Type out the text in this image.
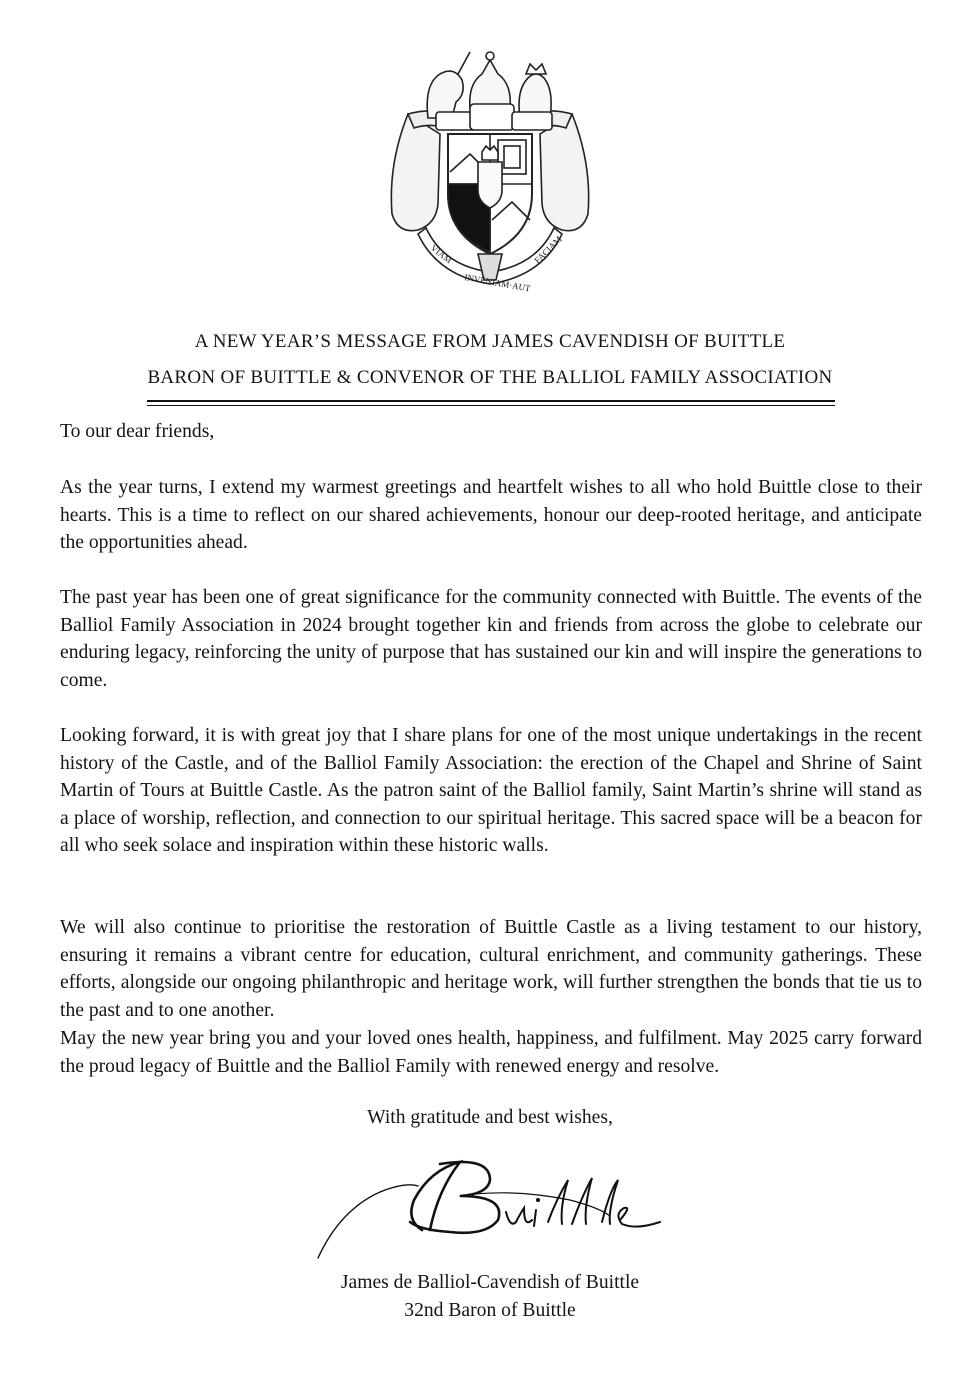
VIAM
INVENIAM·AUT
FACIAM
A NEW YEAR’S MESSAGE FROM JAMES CAVENDISH OF BUITTLE
BARON OF BUITTLE & CONVENOR OF THE BALLIOL FAMILY ASSOCIATION
To our dear friends,
As the year turns, I extend my warmest greetings and heartfelt wishes to all who hold Buittle close to their hearts. This is a time to reflect on our shared achievements, honour our deep-rooted heritage, and anticipate the opportunities ahead.
The past year has been one of great significance for the community connected with Buittle. The events of the Balliol Family Association in 2024 brought together kin and friends from across the globe to celebrate our enduring legacy, reinforcing the unity of purpose that has sustained our kin and will inspire the generations to come.
Looking forward, it is with great joy that I share plans for one of the most unique undertakings in the recent history of the Castle, and of the Balliol Family Association: the erection of the Chapel and Shrine of Saint Martin of Tours at Buittle Castle. As the patron saint of the Balliol family, Saint Martin’s shrine will stand as a place of worship, reflection, and connection to our spiritual heritage. This sacred space will be a beacon for all who seek solace and inspiration within these historic walls.
We will also continue to prioritise the restoration of Buittle Castle as a living testament to our history, ensuring it remains a vibrant centre for education, cultural enrichment, and community gatherings. These efforts, alongside our ongoing philanthropic and heritage work, will further strengthen the bonds that tie us to the past and to one another.
May the new year bring you and your loved ones health, happiness, and fulfilment. May 2025 carry forward the proud legacy of Buittle and the Balliol Family with renewed energy and resolve.
With gratitude and best wishes,
James de Balliol-Cavendish of Buittle
32nd Baron of Buittle
